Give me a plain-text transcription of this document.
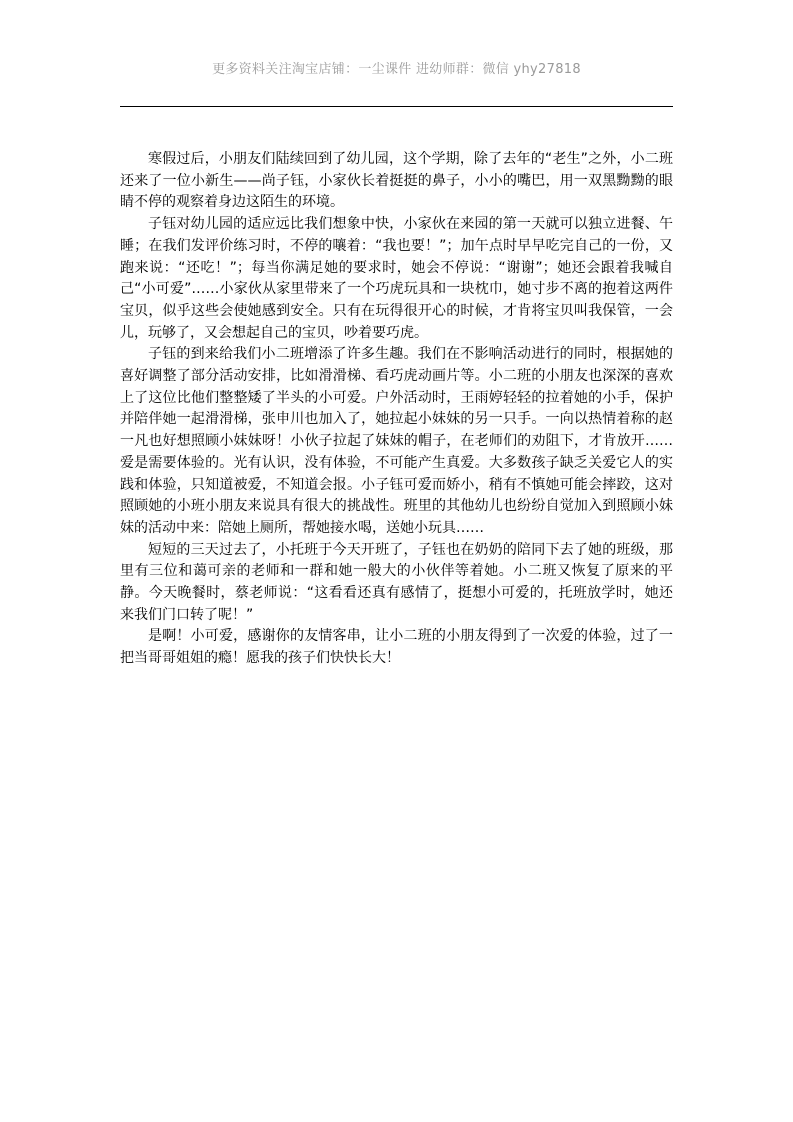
更多资料关注淘宝店铺：一尘课件 进幼师群：微信 yhy27818

寒假过后，小朋友们陆续回到了幼儿园，这个学期，除了去年的“老生”之外，小二班还来了一位小新生——尚子钰，小家伙长着挺挺的鼻子，小小的嘴巴，用一双黑黝黝的眼睛不停的观察着身边这陌生的环境。

子钰对幼儿园的适应远比我们想象中快，小家伙在来园的第一天就可以独立进餐、午睡；在我们发评价练习时，不停的嚷着：“我也要！”；加午点时早早吃完自己的一份，又跑来说：“还吃！”；每当你满足她的要求时，她会不停说：“谢谢”；她还会跟着我喊自己“小可爱”……小家伙从家里带来了一个巧虎玩具和一块枕巾，她寸步不离的抱着这两件宝贝，似乎这些会使她感到安全。只有在玩得很开心的时候，才肯将宝贝叫我保管，一会儿，玩够了，又会想起自己的宝贝，吵着要巧虎。

子钰的到来给我们小二班增添了许多生趣。我们在不影响活动进行的同时，根据她的喜好调整了部分活动安排，比如滑滑梯、看巧虎动画片等。小二班的小朋友也深深的喜欢上了这位比他们整整矮了半头的小可爱。户外活动时，王雨婷轻轻的拉着她的小手，保护并陪伴她一起滑滑梯，张申川也加入了，她拉起小妹妹的另一只手。一向以热情着称的赵一凡也好想照顾小妹妹呀！小伙子拉起了妹妹的帽子，在老师们的劝阻下，才肯放开……爱是需要体验的。光有认识，没有体验，不可能产生真爱。大多数孩子缺乏关爱它人的实践和体验，只知道被爱，不知道会报。小子钰可爱而娇小，稍有不慎她可能会摔跤，这对照顾她的小班小朋友来说具有很大的挑战性。班里的其他幼儿也纷纷自觉加入到照顾小妹妹的活动中来：陪她上厕所，帮她接水喝，送她小玩具……

短短的三天过去了，小托班于今天开班了，子钰也在奶奶的陪同下去了她的班级，那里有三位和蔼可亲的老师和一群和她一般大的小伙伴等着她。小二班又恢复了原来的平静。今天晚餐时，蔡老师说：“这看看还真有感情了，挺想小可爱的，托班放学时，她还来我们门口转了呢！”

是啊！小可爱，感谢你的友情客串，让小二班的小朋友得到了一次爱的体验，过了一把当哥哥姐姐的瘾！愿我的孩子们快快长大！
